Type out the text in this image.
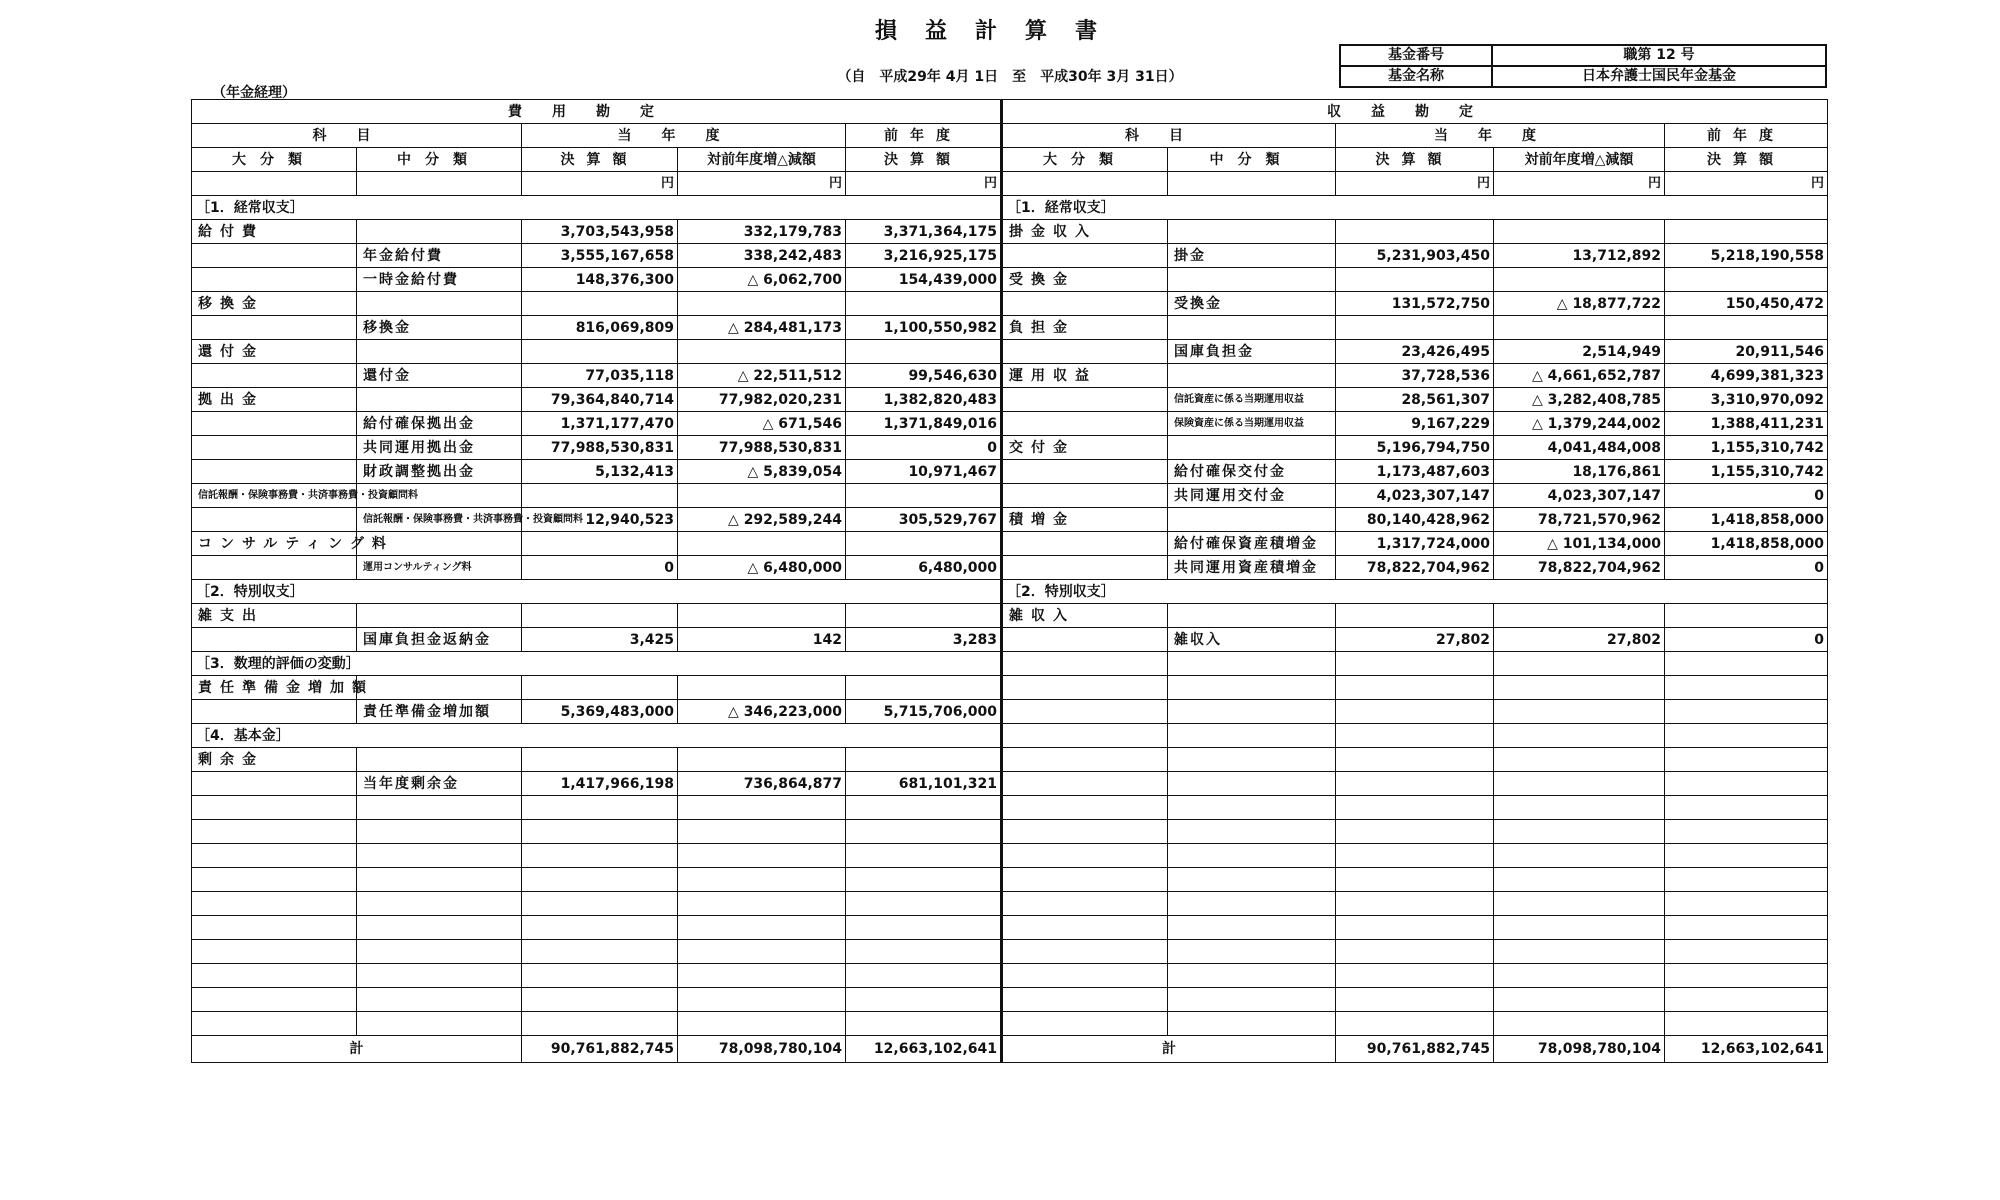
損益計算書
（自　平成29年 4月 1日　至　平成30年 3月 31日）
（年金経理）
基金番号	職第 12 号
基金名称	日本弁護士国民年金基金
費用勘定					収益勘定				
科目		当年度		前年度	科目		当年度		前年度
大分類	中分類	決算額	対前年度増△減額	決算額	大分類	中分類	決算額	対前年度増△減額	決算額
		円	円	円			円	円	円
［1．経常収支］					［1．経常収支］				
給付費		3,703,543,958	332,179,783	3,371,364,175	掛金収入				
	年金給付費	3,555,167,658	338,242,483	3,216,925,175		掛金	5,231,903,450	13,712,892	5,218,190,558
	一時金給付費	148,376,300	△ 6,062,700	154,439,000	受換金				
移換金						受換金	131,572,750	△ 18,877,722	150,450,472
	移換金	816,069,809	△ 284,481,173	1,100,550,982	負担金				
還付金						国庫負担金	23,426,495	2,514,949	20,911,546
	還付金	77,035,118	△ 22,511,512	99,546,630	運用収益		37,728,536	△ 4,661,652,787	4,699,381,323
拠出金		79,364,840,714	77,982,020,231	1,382,820,483		信託資産に係る当期運用収益	28,561,307	△ 3,282,408,785	3,310,970,092
	給付確保拠出金	1,371,177,470	△ 671,546	1,371,849,016		保険資産に係る当期運用収益	9,167,229	△ 1,379,244,002	1,388,411,231
	共同運用拠出金	77,988,530,831	77,988,530,831	0	交付金		5,196,794,750	4,041,484,008	1,155,310,742
	財政調整拠出金	5,132,413	△ 5,839,054	10,971,467		給付確保交付金	1,173,487,603	18,176,861	1,155,310,742
信託報酬・保険事務費・共済事務費・投資顧問料						共同運用交付金	4,023,307,147	4,023,307,147	0
	信託報酬・保険事務費・共済事務費・投資顧問料	12,940,523	△ 292,589,244	305,529,767	積増金		80,140,428,962	78,721,570,962	1,418,858,000
コンサルティング料						給付確保資産積増金	1,317,724,000	△ 101,134,000	1,418,858,000
	運用コンサルティング料	0	△ 6,480,000	6,480,000		共同運用資産積増金	78,822,704,962	78,822,704,962	0
［2．特別収支］					［2．特別収支］				
雑支出					雑収入				
	国庫負担金返納金	3,425	142	3,283		雑収入	27,802	27,802	0
［3．数理的評価の変動］									
責任準備金増加額									
	責任準備金増加額	5,369,483,000	△ 346,223,000	5,715,706,000					
［4．基本金］									
剰余金									
	当年度剰余金	1,417,966,198	736,864,877	681,101,321					

計		90,761,882,745	78,098,780,104	12,663,102,641	計		90,761,882,745	78,098,780,104	12,663,102,641
